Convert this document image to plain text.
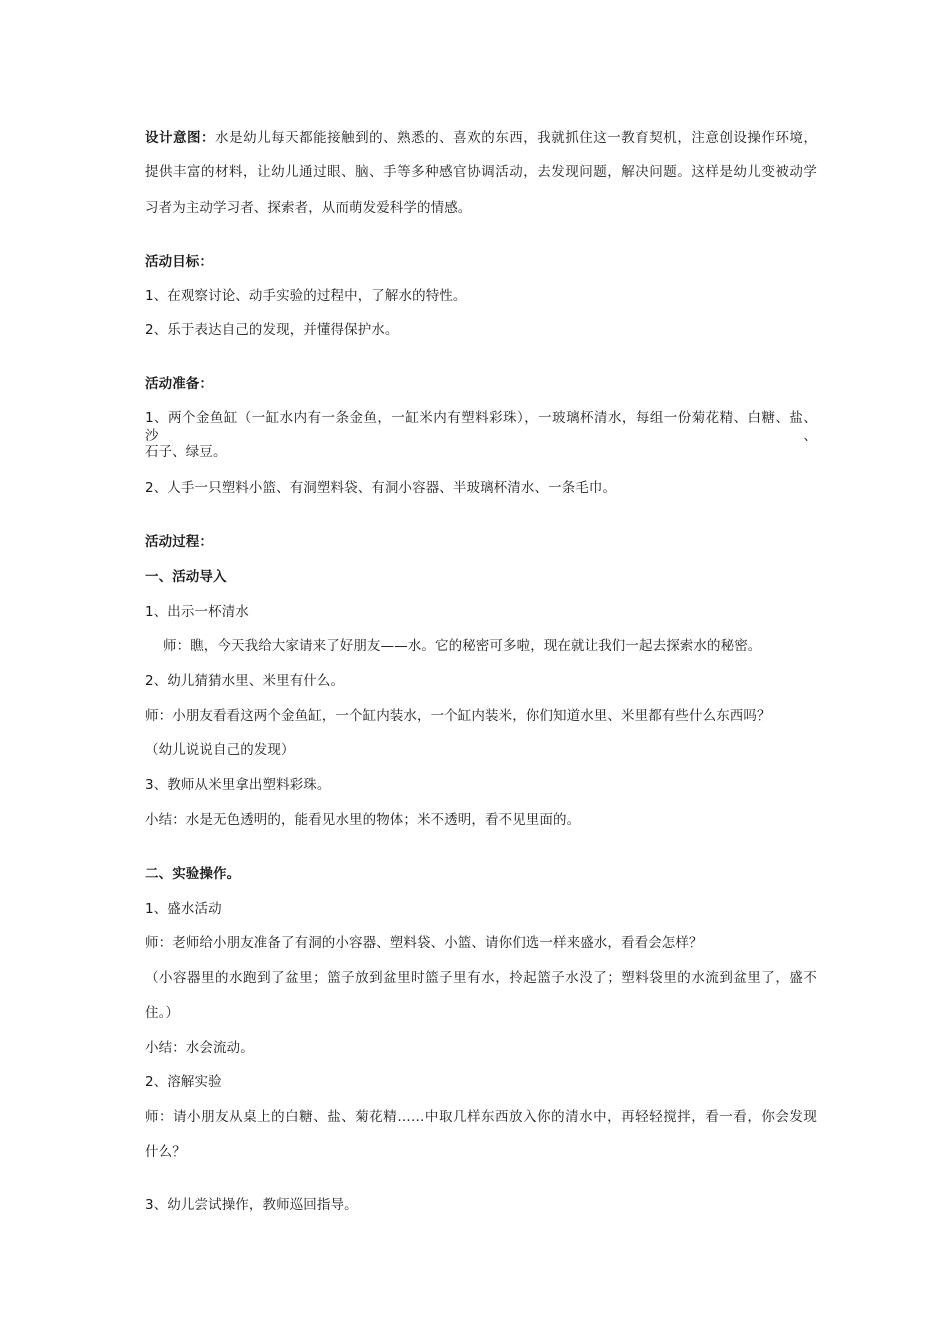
设计意图：水是幼儿每天都能接触到的、熟悉的、喜欢的东西，我就抓住这一教育契机，注意创设操作环境，
提供丰富的材料，让幼儿通过眼、脑、手等多种感官协调活动，去发现问题，解决问题。这样是幼儿变被动学
习者为主动学习者、探索者，从而萌发爱科学的情感。
活动目标：
1、在观察讨论、动手实验的过程中，了解水的特性。
2、乐于表达自己的发现，并懂得保护水。
活动准备：
1、两个金鱼缸（一缸水内有一条金鱼，一缸米内有塑料彩珠），一玻璃杯清水，每组一份菊花精、白糖、盐、沙、
石子、绿豆。
2、人手一只塑料小篮、有洞塑料袋、有洞小容器、半玻璃杯清水、一条毛巾。
活动过程：
一、活动导入
1、出示一杯清水
师：瞧，今天我给大家请来了好朋友——水。它的秘密可多啦，现在就让我们一起去探索水的秘密。
2、幼儿猜猜水里、米里有什么。
师：小朋友看看这两个金鱼缸，一个缸内装水，一个缸内装米，你们知道水里、米里都有些什么东西吗？
（幼儿说说自己的发现）
3、教师从米里拿出塑料彩珠。
小结：水是无色透明的，能看见水里的物体；米不透明，看不见里面的。
二、实验操作。
1、盛水活动
师：老师给小朋友准备了有洞的小容器、塑料袋、小篮、请你们选一样来盛水，看看会怎样？
（小容器里的水跑到了盆里；篮子放到盆里时篮子里有水，拎起篮子水没了；塑料袋里的水流到盆里了，盛不
住。）
小结：水会流动。
2、溶解实验
师：请小朋友从桌上的白糖、盐、菊花精……中取几样东西放入你的清水中，再轻轻搅拌，看一看，你会发现
什么？
3、幼儿尝试操作，教师巡回指导。
